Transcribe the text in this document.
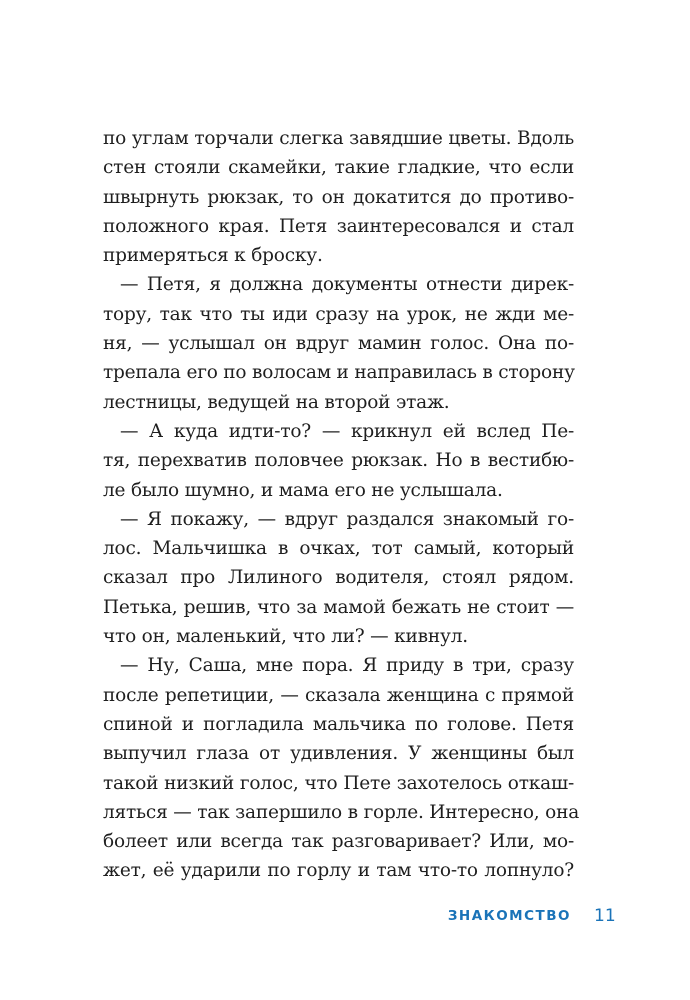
по углам торчали слегка завядшие цветы. Вдоль
стен стояли скамейки, такие гладкие, что если
швырнуть рюкзак, то он докатится до противо-
положного края. Петя заинтересовался и стал
примеряться к броску.
— Петя, я должна документы отнести дирек-
тору, так что ты иди сразу на урок, не жди ме-
ня, — услышал он вдруг мамин голос. Она по-
трепала его по волосам и направилась в сторону
лестницы, ведущей на второй этаж.
— А куда идти-то? — крикнул ей вслед Пе-
тя, перехватив половчее рюкзак. Но в вестибю-
ле было шумно, и мама его не услышала.
— Я покажу, — вдруг раздался знакомый го-
лос. Мальчишка в очках, тот самый, который
сказал про Лилиного водителя, стоял рядом.
Петька, решив, что за мамой бежать не стоит —
что он, маленький, что ли? — кивнул.
— Ну, Саша, мне пора. Я приду в три, сразу
после репетиции, — сказала женщина с прямой
спиной и погладила мальчика по голове. Петя
выпучил глаза от удивления. У женщины был
такой низкий голос, что Пете захотелось откаш-
ляться — так запершило в горле. Интересно, она
болеет или всегда так разговаривает? Или, мо-
жет, её ударили по горлу и там что-то лопнуло?
ЗНАКОМСТВО 11
